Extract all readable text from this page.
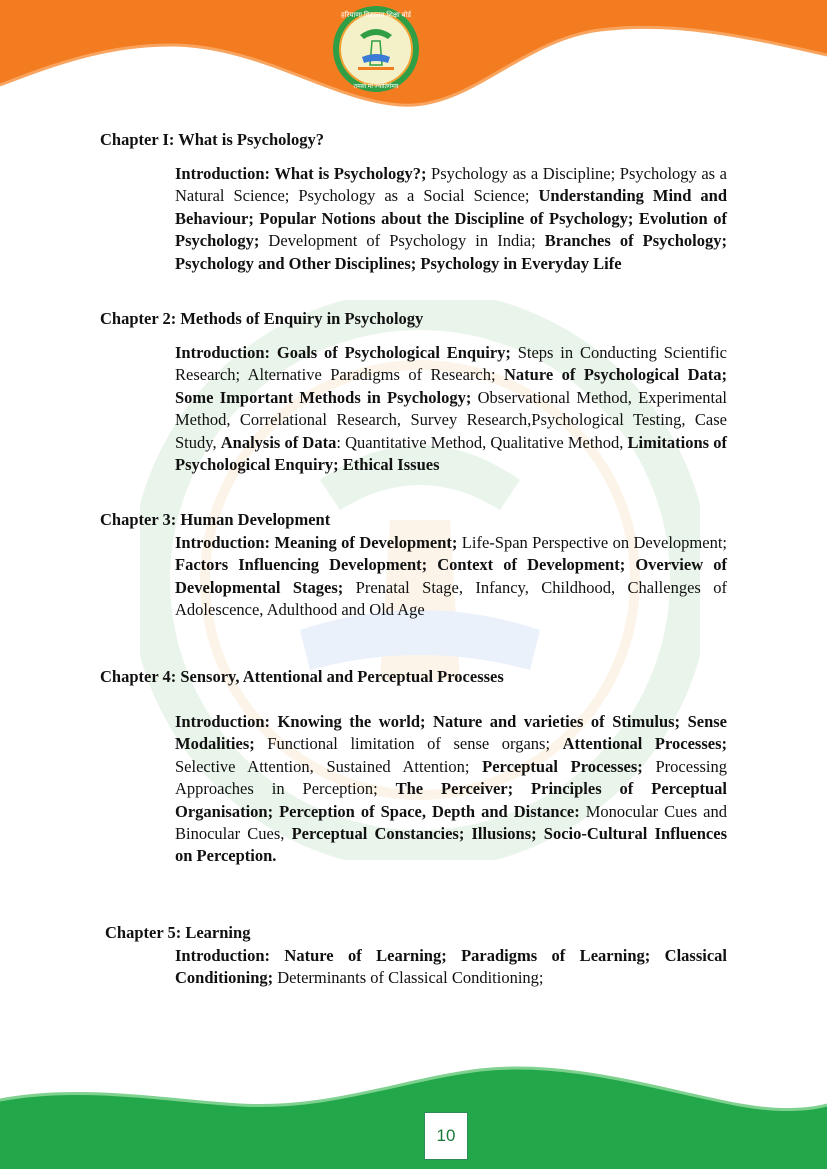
हरियाणा विद्यालय शिक्षा बोर्ड
तमसो मा ज्योतिर्गमय
Chapter I: What is Psychology?
Chapter 2: Methods of Enquiry in Psychology
Chapter 3: Human Development
Chapter 4: Sensory, Attentional and Perceptual Processes
Chapter 5: Learning
Introduction: What is Psychology?; Psychology as a Discipline; Psychology as a Natural Science; Psychology as a Social Science; Understanding Mind and Behaviour; Popular Notions about the Discipline of Psychology; Evolution of Psychology; Development of Psychology in India; Branches of Psychology; Psychology and Other Disciplines; Psychology in Everyday Life
Introduction: Goals of Psychological Enquiry; Steps in Conducting Scientific Research; Alternative Paradigms of Research; Nature of Psychological Data; Some Important Methods in Psychology; Observational Method, Experimental Method, Correlational Research, Survey Research,Psychological Testing, Case Study, Analysis of Data: Quantitative Method, Qualitative Method, Limitations of Psychological Enquiry; Ethical Issues
Introduction: Meaning of Development; Life-Span Perspective on Development; Factors Influencing Development; Context of Development; Overview of Developmental Stages; Prenatal Stage, Infancy, Childhood, Challenges of Adolescence, Adulthood and Old Age
Introduction: Knowing the world; Nature and varieties of Stimulus; Sense Modalities; Functional limitation of sense organs; Attentional Processes; Selective Attention, Sustained Attention; Perceptual Processes; Processing Approaches in Perception; The Perceiver; Principles of Perceptual Organisation; Perception of Space, Depth and Distance: Monocular Cues and Binocular Cues, Perceptual Constancies; Illusions; Socio-Cultural Influences on Perception.
Introduction: Nature of Learning; Paradigms of Learning; Classical Conditioning; Determinants of Classical Conditioning;
10
